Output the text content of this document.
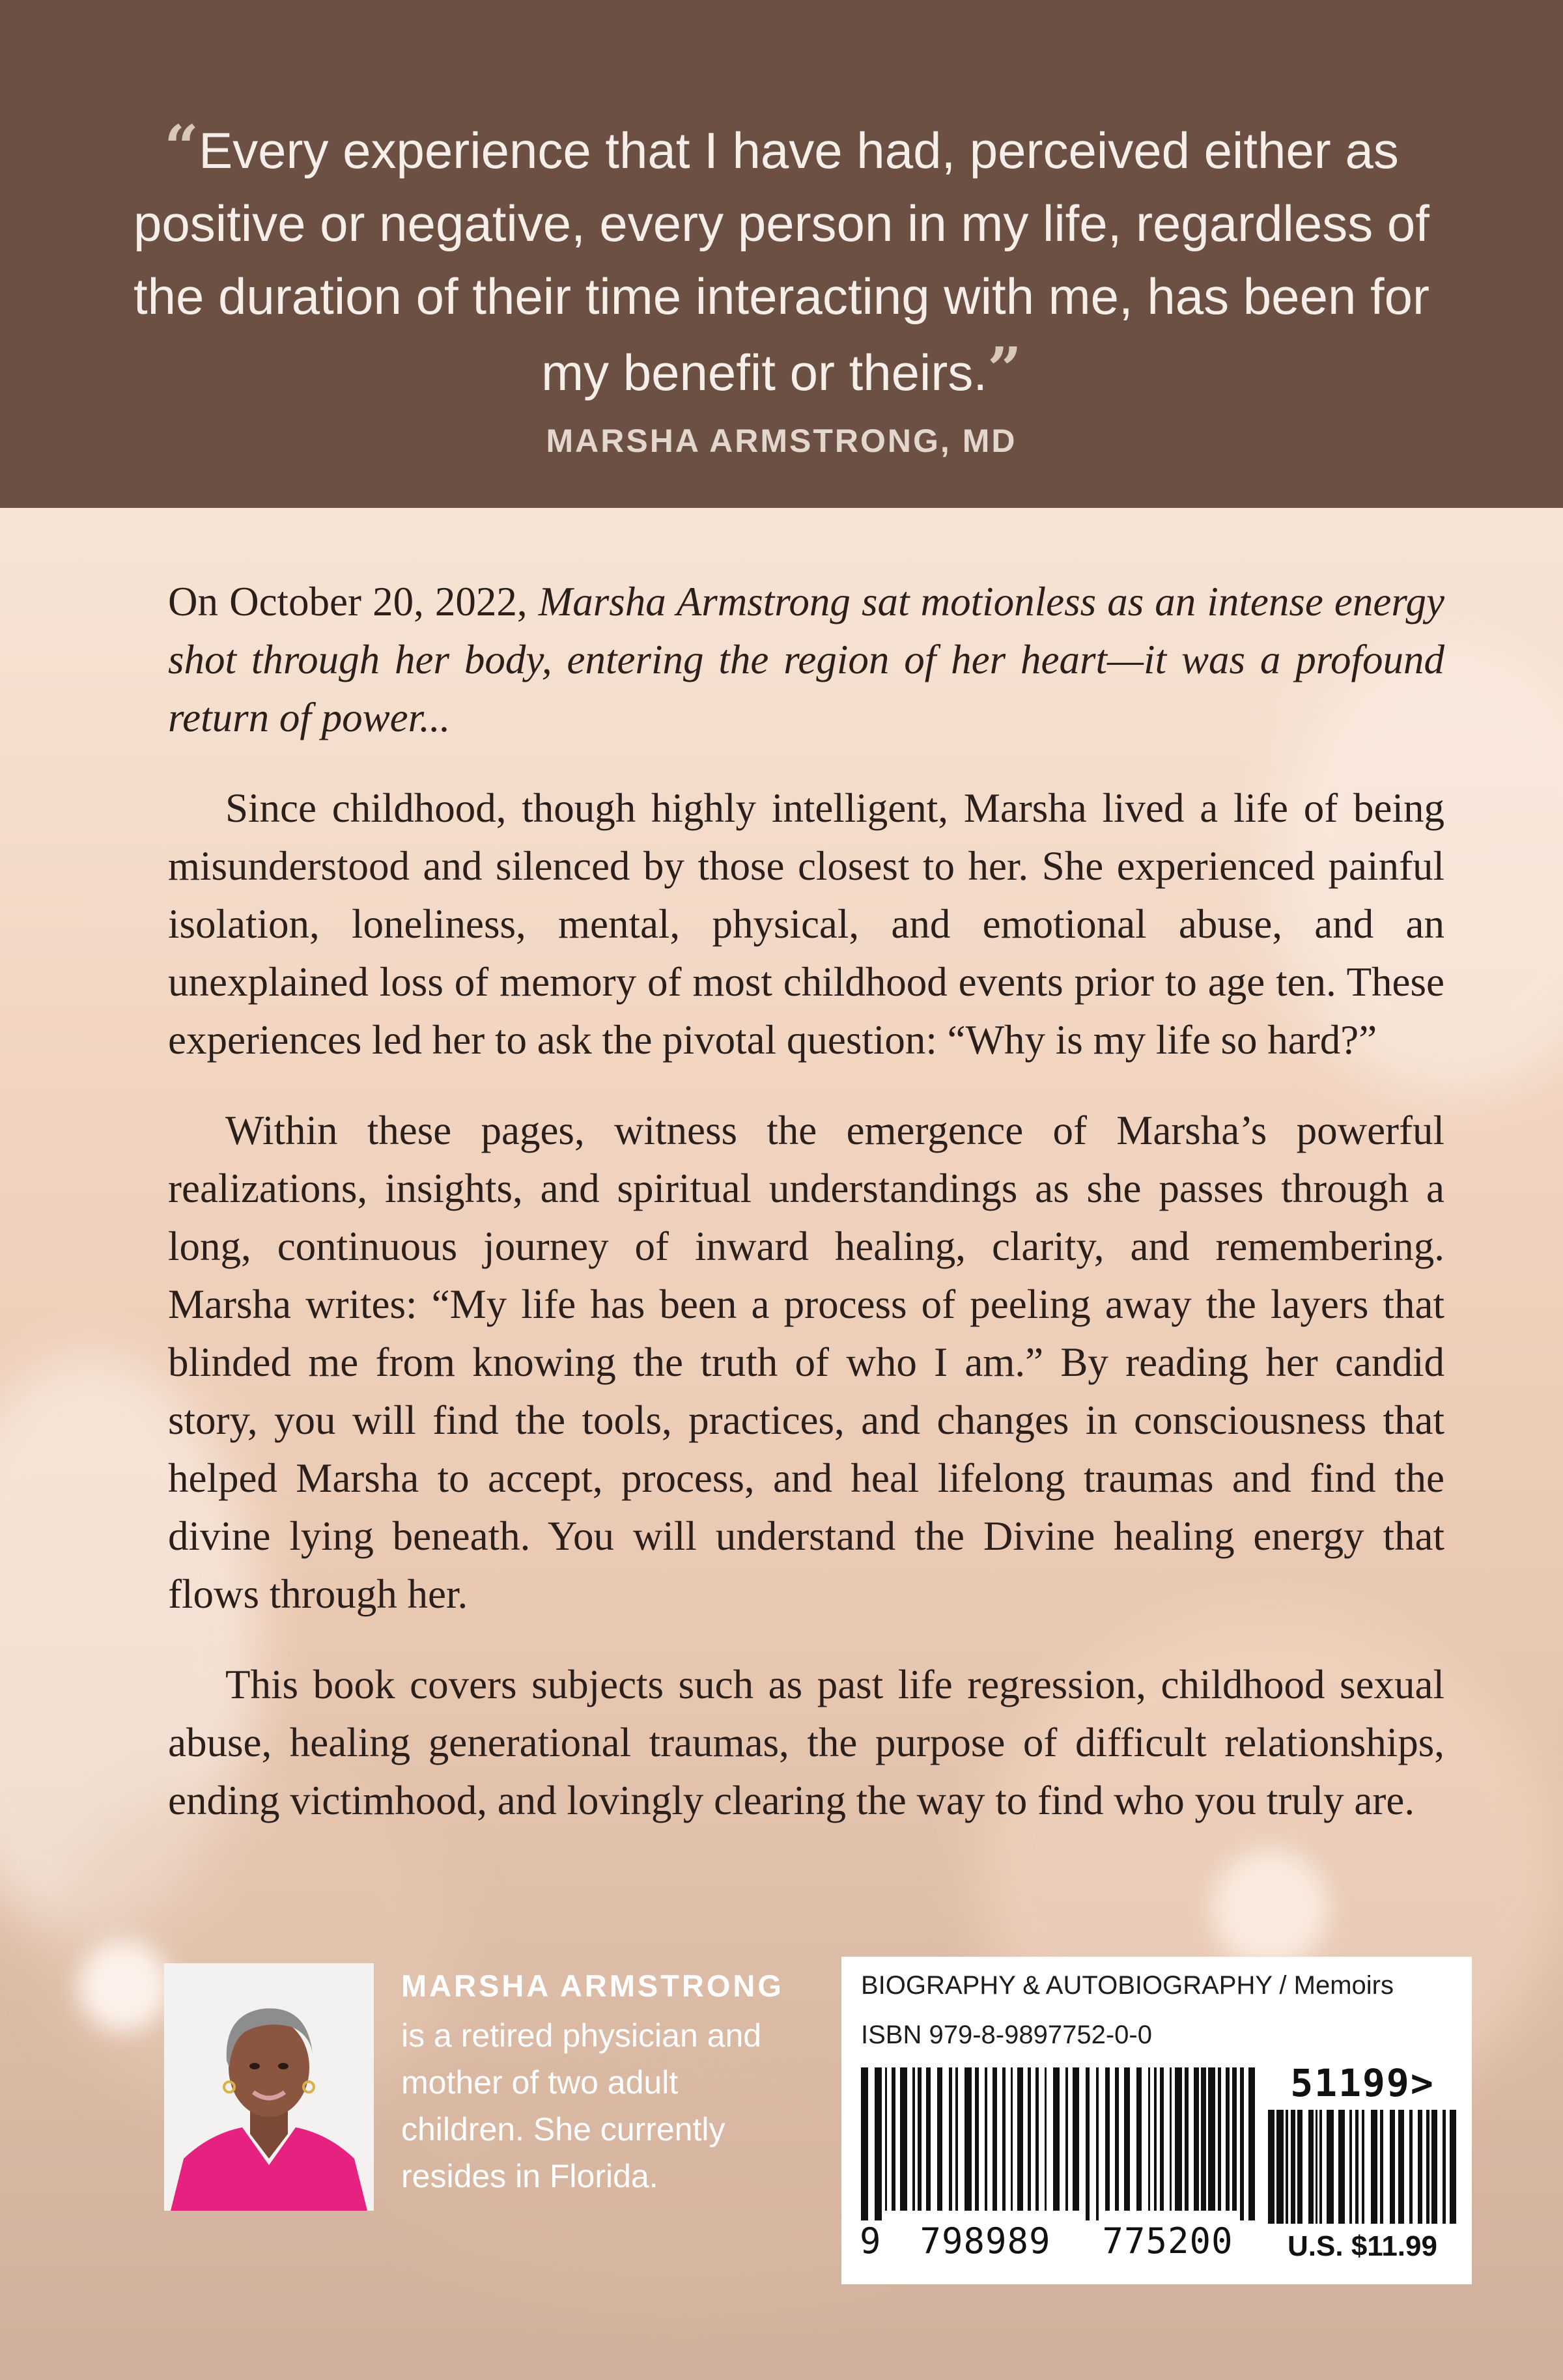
“Every experience that I have had, perceived either as positive or negative, every person in my life, regardless of the duration of their time interacting with me, has been for my benefit or theirs.”
MARSHA ARMSTRONG, MD

On October 20, 2022, Marsha Armstrong sat motionless as an intense energy shot through her body, entering the region of her heart—it was a profound return of power...

Since childhood, though highly intelligent, Marsha lived a life of being misunderstood and silenced by those closest to her. She experienced painful isolation, loneliness, mental, physical, and emotional abuse, and an unexplained loss of memory of most childhood events prior to age ten. These experiences led her to ask the pivotal question: “Why is my life so hard?”

Within these pages, witness the emergence of Marsha’s powerful realizations, insights, and spiritual understandings as she passes through a long, continuous journey of inward healing, clarity, and remembering. Marsha writes: “My life has been a process of peeling away the layers that blinded me from knowing the truth of who I am.” By reading her candid story, you will find the tools, practices, and changes in consciousness that helped Marsha to accept, process, and heal lifelong traumas and find the divine lying beneath. You will understand the Divine healing energy that flows through her.

This book covers subjects such as past life regression, childhood sexual abuse, healing generational traumas, the purpose of difficult relationships, ending victimhood, and lovingly clearing the way to find who you truly are.

MARSHA ARMSTRONG
is a retired physician and mother of two adult children. She currently resides in Florida.
BIOGRAPHY & AUTOBIOGRAPHY / Memoirs
ISBN 979-8-9897752-0-0
51199>
9	798989	775200	U.S. $11.99
